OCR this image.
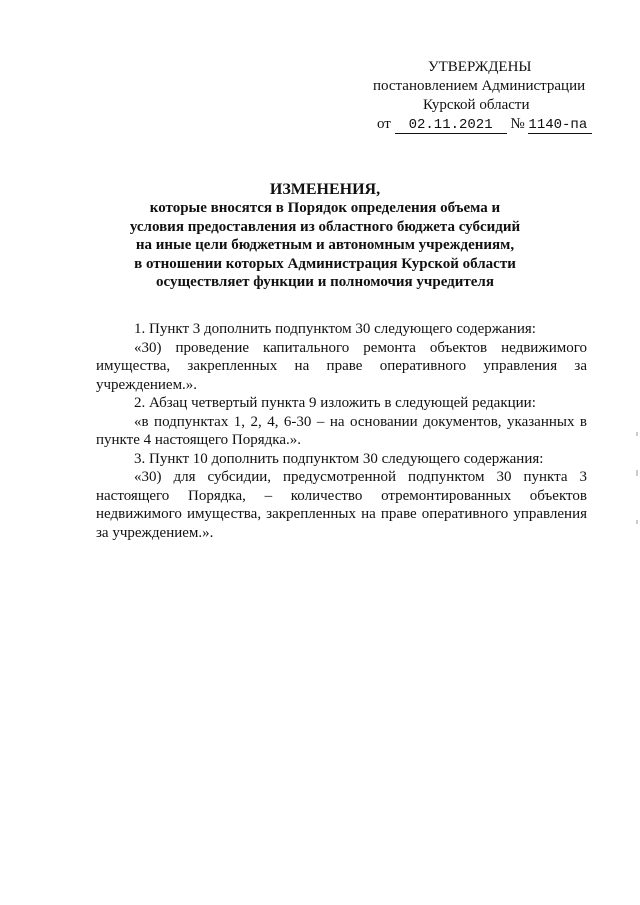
УТВЕРЖДЕНЫ
постановлением Администрации
Курской области
от 02.11.2021 № 1140-па
ИЗМЕНЕНИЯ,
которые вносятся в Порядок определения объема и
условия предоставления из областного бюджета субсидий
на иные цели бюджетным и автономным учреждениям,
в отношении которых Администрация Курской области
осуществляет функции и полномочия учредителя

1. Пункт 3 дополнить подпунктом 30 следующего содержания:

«30) проведение капитального ремонта объектов недвижимого имущества, закрепленных на праве оперативного управления за учреждением.».

2. Абзац четвертый пункта 9 изложить в следующей редакции:

«в подпунктах 1, 2, 4, 6-30 – на основании документов, указанных в пункте 4 настоящего Порядка.».

3. Пункт 10 дополнить подпунктом 30 следующего содержания:

«30) для субсидии, предусмотренной подпунктом 30 пункта 3 настоящего Порядка, – количество отремонтированных объектов недвижимого имущества, закрепленных на праве оперативного управления за учреждением.».
